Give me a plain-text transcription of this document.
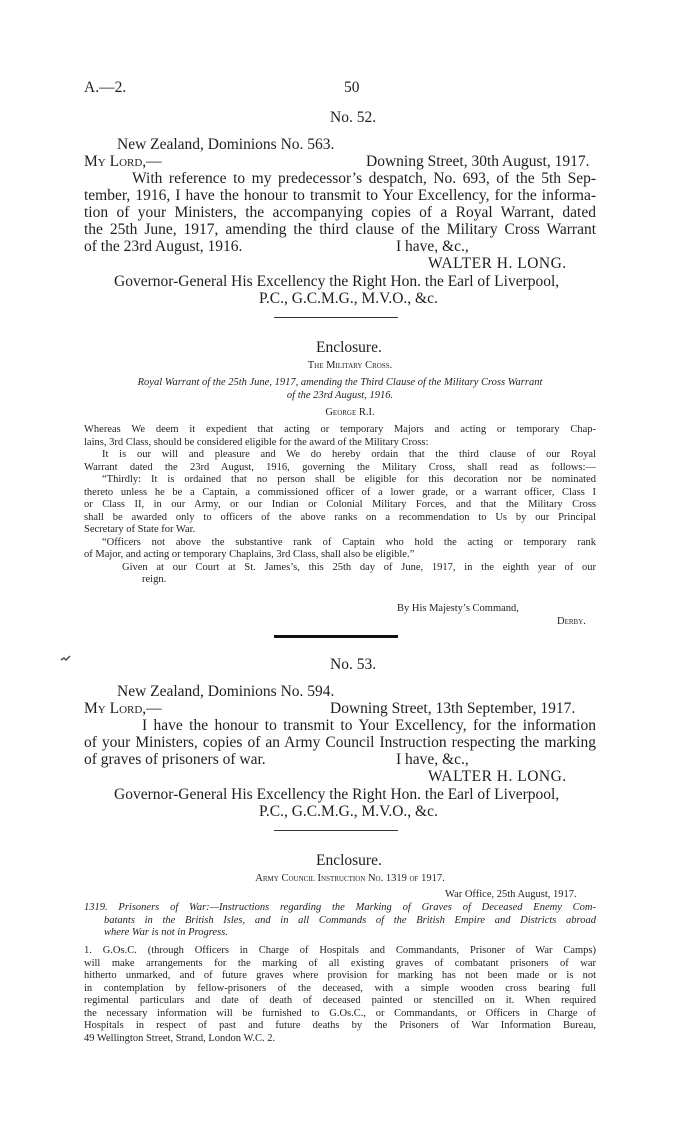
A.—2.	50
No. 52.
New Zealand, Dominions No. 563.
My Lord,—	Downing Street, 30th August, 1917.
With reference to my predecessor’s despatch, No. 693, of the 5th Sep-
tember, 1916, I have the honour to transmit to Your Excellency, for the informa-
tion of your Ministers, the accompanying copies of a Royal Warrant, dated
the 25th June, 1917, amending the third clause of the Military Cross Warrant
of the 23rd August, 1916.	I have, &c.,
WALTER H. LONG.
Governor-General His Excellency the Right Hon. the Earl of Liverpool,
P.C., G.C.M.G., M.V.O., &c.
Enclosure.
The Military Cross.
Royal Warrant of the 25th June, 1917, amending the Third Clause of the Military Cross Warrant
of the 23rd August, 1916.
George R.I.
Whereas We deem it expedient that acting or temporary Majors and acting or temporary Chap-
lains, 3rd Class, should be considered eligible for the award of the Military Cross:
It is our will and pleasure and We do hereby ordain that the third clause of our Royal
Warrant dated the 23rd August, 1916, governing the Military Cross, shall read as follows:—
“Thirdly: It is ordained that no person shall be eligible for this decoration nor be nominated
thereto unless he be a Captain, a commissioned officer of a lower grade, or a warrant officer, Class I
or Class II, in our Army, or our Indian or Colonial Military Forces, and that the Military Cross
shall be awarded only to officers of the above ranks on a recommendation to Us by our Principal
Secretary of State for War.
“Officers not above the substantive rank of Captain who hold the acting or temporary rank
of Major, and acting or temporary Chaplains, 3rd Class, shall also be eligible.”
Given at our Court at St. James’s, this 25th day of June, 1917, in the eighth year of our
reign.
By His Majesty’s Command,
Derby.
No. 53.
New Zealand, Dominions No. 594.
My Lord,—	Downing Street, 13th September, 1917.
I have the honour to transmit to Your Excellency, for the information
of your Ministers, copies of an Army Council Instruction respecting the marking
of graves of prisoners of war.	I have, &c.,
WALTER H. LONG.
Governor-General His Excellency the Right Hon. the Earl of Liverpool,
P.C., G.C.M.G., M.V.O., &c.
Enclosure.
Army Council Instruction No. 1319 of 1917.
War Office, 25th August, 1917.
1319. Prisoners of War:—Instructions regarding the Marking of Graves of Deceased Enemy Com-
batants in the British Isles, and in all Commands of the British Empire and Districts abroad
where War is not in Progress.
1. G.Os.C. (through Officers in Charge of Hospitals and Commandants, Prisoner of War Camps)
will make arrangements for the marking of all existing graves of combatant prisoners of war
hitherto unmarked, and of future graves where provision for marking has not been made or is not
in contemplation by fellow-prisoners of the deceased, with a simple wooden cross bearing full
regimental particulars and date of death of deceased painted or stencilled on it. When required
the necessary information will be furnished to G.Os.C., or Commandants, or Officers in Charge of
Hospitals in respect of past and future deaths by the Prisoners of War Information Bureau,
49 Wellington Street, Strand, London W.C. 2.
